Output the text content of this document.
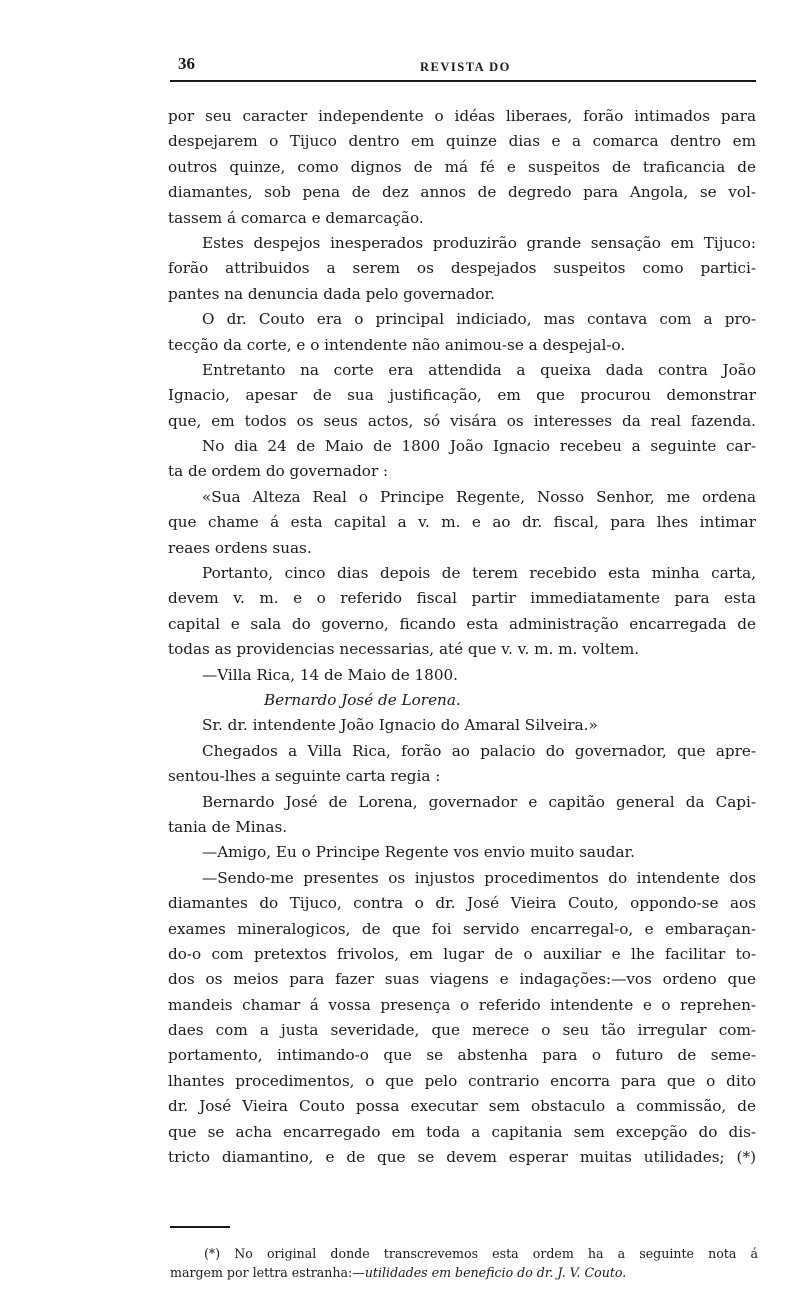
36	REVISTA DO
por seu caracter independente o idéas liberaes, forão intimados para
despejarem o Tijuco dentro em quinze dias e a comarca dentro em
outros quinze, como dignos de má fé e suspeitos de traficancia de
diamantes, sob pena de dez annos de degredo para Angola, se vol-
tassem á comarca e demarcação.
Estes despejos inesperados produzirão grande sensação em Tijuco:
forão attribuidos a serem os despejados suspeitos como partici-
pantes na denuncia dada pelo governador.
O dr. Couto era o principal indiciado, mas contava com a pro-
tecção da corte, e o intendente não animou-se a despejal-o.
Entretanto na corte era attendida a queixa dada contra João
Ignacio, apesar de sua justificação, em que procurou demonstrar
que, em todos os seus actos, só visára os interesses da real fazenda.
No dia 24 de Maio de 1800 João Ignacio recebeu a seguinte car-
ta de ordem do governador :
«Sua Alteza Real o Principe Regente, Nosso Senhor, me ordena
que chame á esta capital a v. m. e ao dr. fiscal, para lhes intimar
reaes ordens suas.
Portanto, cinco dias depois de terem recebido esta minha carta,
devem v. m. e o referido fiscal partir immediatamente para esta
capital e sala do governo, ficando esta administração encarregada de
todas as providencias necessarias, até que v. v. m. m. voltem.
—Villa Rica, 14 de Maio de 1800.
Bernardo José de Lorena.
Sr. dr. intendente João Ignacio do Amaral Silveira.»
Chegados a Villa Rica, forão ao palacio do governador, que apre-
sentou-lhes a seguinte carta regia :
Bernardo José de Lorena, governador e capitão general da Capi-
tania de Minas.
—Amigo, Eu o Principe Regente vos envio muito saudar.
—Sendo-me presentes os injustos procedimentos do intendente dos
diamantes do Tijuco, contra o dr. José Vieira Couto, oppondo-se aos
exames mineralogicos, de que foi servido encarregal-o, e embaraçan-
do-o com pretextos frivolos, em lugar de o auxiliar e lhe facilitar to-
dos os meios para fazer suas viagens e indagações:—vos ordeno que
mandeis chamar á vossa presença o referido intendente e o reprehen-
daes com a justa severidade, que merece o seu tão irregular com-
portamento, intimando-o que se abstenha para o futuro de seme-
lhantes procedimentos, o que pelo contrario encorra para que o dito
dr. José Vieira Couto possa executar sem obstaculo a commissão, de
que se acha encarregado em toda a capitania sem excepção do dis-
tricto diamantino, e de que se devem esperar muitas utilidades; (*)
(*) No original donde transcrevemos esta ordem ha a seguinte nota á
margem por lettra estranha:—utilidades em beneficio do dr. J. V. Couto.
